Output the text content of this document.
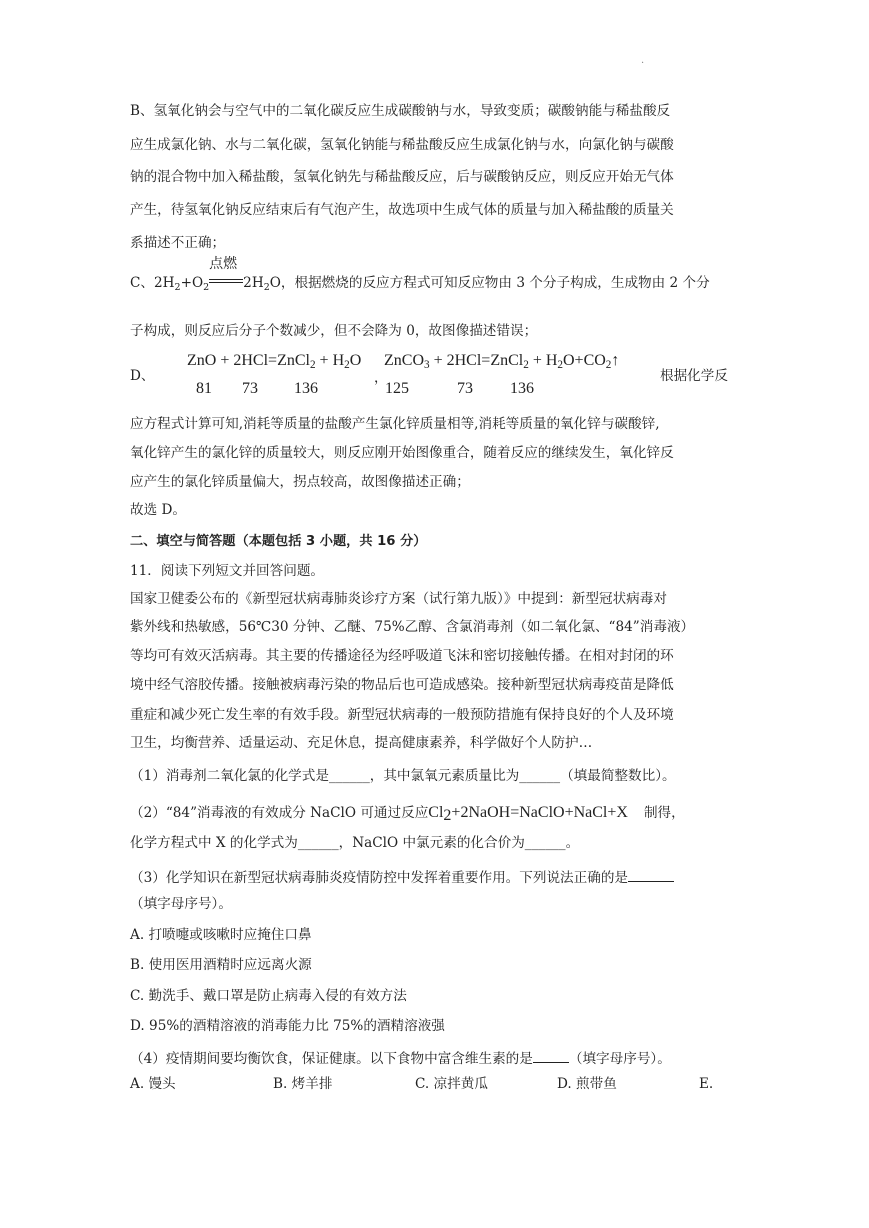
·
B、氢氧化钠会与空气中的二氧化碳反应生成碳酸钠与水，导致变质；碳酸钠能与稀盐酸反
应生成氯化钠、水与二氧化碳，氢氧化钠能与稀盐酸反应生成氯化钠与水，向氯化钠与碳酸
钠的混合物中加入稀盐酸，氢氧化钠先与稀盐酸反应，后与碳酸钠反应，则反应开始无气体
产生，待氢氧化钠反应结束后有气泡产生，故选项中生成气体的质量与加入稀盐酸的质量关
系描述不正确；
C、$2H_2+O_2$
点燃
$2H_2O$，根据燃烧的反应方程式可知反应物由 3 个分子构成，生成物由 2 个分
子构成，则反应后分子个数减少，但不会降为 0，故图像描述错误；
D、
ZnO + 2HCl=ZnCl$_2$ + $H_2O$
81 73 136
，
ZnCO$_3$ + 2HCl=ZnCl$_2$ + $H_2O+CO_2↑$
125	73 136
根据化学反
应方程式计算可知,消耗等质量的盐酸产生氯化锌质量相等,消耗等质量的氧化锌与碳酸锌,
氧化锌产生的氯化锌的质量较大，则反应刚开始图像重合，随着反应的继续发生，氧化锌反
应产生的氯化锌质量偏大，拐点较高，故图像描述正确；
故选 D。
二、填空与简答题（本题包括 3 小题，共 16 分）
11．阅读下列短文并回答问题。
国家卫健委公布的《新型冠状病毒肺炎诊疗方案（试行第九版）》中提到：新型冠状病毒对
紫外线和热敏感，56℃30 分钟、乙醚、75%乙醇、含氯消毒剂（如二氧化氯、“84”消毒液）
等均可有效灭活病毒。其主要的传播途径为经呼吸道飞沫和密切接触传播。在相对封闭的环
境中经气溶胶传播。接触被病毒污染的物品后也可造成感染。接种新型冠状病毒疫苗是降低
重症和减少死亡发生率的有效手段。新型冠状病毒的一般预防措施有保持良好的个人及环境
卫生，均衡营养、适量运动、充足休息，提高健康素养，科学做好个人防护…
（1）消毒剂二氧化氯的化学式是______，其中氯氧元素质量比为______（填最简整数比）。
（2）“84”消毒液的有效成分 NaClO 可通过反应$Cl_2+2NaOH=NaClO+NaCl+X$ 制得，
化学方程式中 X 的化学式为______，NaClO 中氯元素的化合价为______。
（3）化学知识在新型冠状病毒肺炎疫情防控中发挥着重要作用。下列说法正确的是
（填字母序号）。
A. 打喷嚏或咳嗽时应掩住口鼻
B. 使用医用酒精时应远离火源
C. 勤洗手、戴口罩是防止病毒入侵的有效方法
D. 95%的酒精溶液的消毒能力比 75%的酒精溶液强
（4）疫情期间要均衡饮食，保证健康。以下食物中富含维生素的是	（填字母序号）。
A. 馒头	B. 烤羊排	C. 凉拌黄瓜	D. 煎带鱼	E.
